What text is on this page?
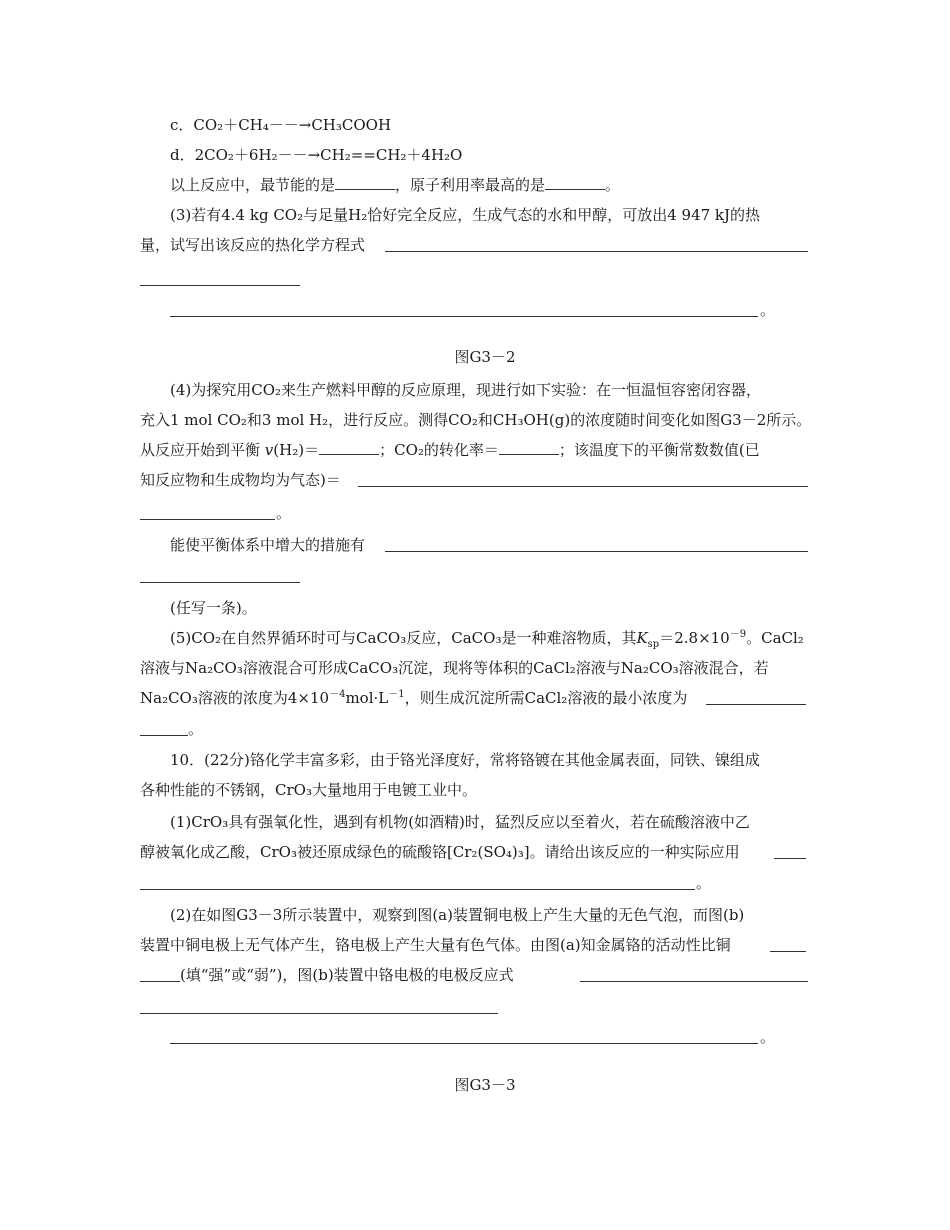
c．CO₂＋CH₄－－→CH₃COOH
d．2CO₂＋6H₂－－→CH₂==CH₂＋4H₂O
以上反应中，最节能的是	，原子利用率最高的是	。
(3)若有4.4 kg CO₂与足量H₂恰好完全反应，生成气态的水和甲醇，可放出4 947 kJ的热
量，试写出该反应的热化学方程式
。
图G3－2
(4)为探究用CO₂来生产燃料甲醇的反应原理，现进行如下实验：在一恒温恒容密闭容器，
充入1 mol CO₂和3 mol H₂，进行反应。测得CO₂和CH₃OH(g)的浓度随时间变化如图G3－2所示。
从反应开始到平衡 v(H₂)＝	；CO₂的转化率＝	；该温度下的平衡常数数值(已
知反应物和生成物均为气态)＝
。
能使平衡体系中增大的措施有
(任写一条)。
(5)CO₂在自然界循环时可与CaCO₃反应，CaCO₃是一种难溶物质，其$K_{sp}=2.8\times 10^{-9}$。CaCl₂
溶液与Na₂CO₃溶液混合可形成CaCO₃沉淀，现将等体积的CaCl₂溶液与Na₂CO₃溶液混合，若
Na₂CO₃溶液的浓度为$4\times 10^{-4}mol\cdot L^{-1}$，则生成沉淀所需CaCl₂溶液的最小浓度为
。
10．(22分)铬化学丰富多彩，由于铬光泽度好，常将铬镀在其他金属表面，同铁、镍组成
各种性能的不锈钢，CrO₃大量地用于电镀工业中。
(1)CrO₃具有强氧化性，遇到有机物(如酒精)时，猛烈反应以至着火，若在硫酸溶液中乙
醇被氧化成乙酸，CrO₃被还原成绿色的硫酸铬[Cr₂(SO₄)₃]。请给出该反应的一种实际应用
。
(2)在如图G3－3所示装置中，观察到图(a)装置铜电极上产生大量的无色气泡，而图(b)
装置中铜电极上无气体产生，铬电极上产生大量有色气体。由图(a)知金属铬的活动性比铜
(填“强”或“弱”)，图(b)装置中铬电极的电极反应式
。
图G3－3
